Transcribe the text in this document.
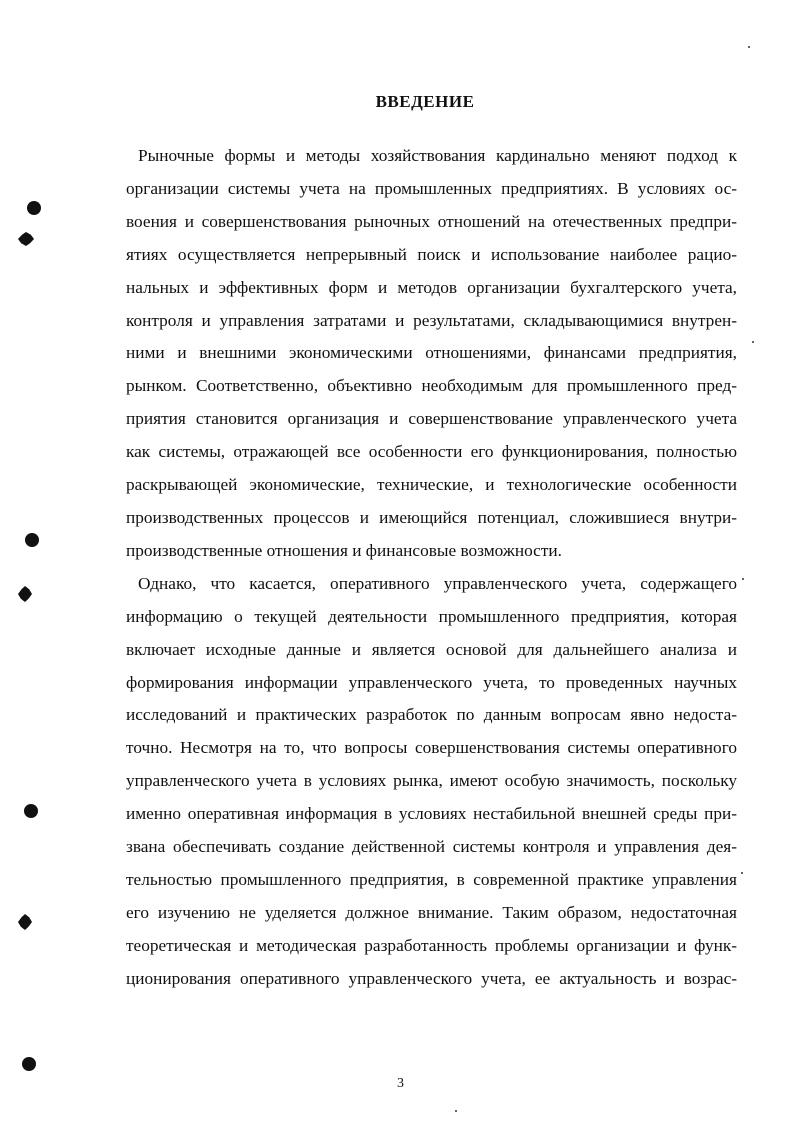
ВВЕДЕНИЕ

Рыночные формы и методы хозяйствования кардинально меняют подход к
организации системы учета на промышленных предприятиях. В условиях ос-
воения и совершенствования рыночных отношений на отечественных предпри-
ятиях осуществляется непрерывный поиск и использование наиболее рацио-
нальных и эффективных форм и методов организации бухгалтерского учета,
контроля и управления затратами и результатами, складывающимися внутрен-
ними и внешними экономическими отношениями, финансами предприятия,
рынком. Соответственно, объективно необходимым для промышленного пред-
приятия становится организация и совершенствование управленческого учета
как системы, отражающей все особенности его функционирования, полностью
раскрывающей экономические, технические, и технологические особенности
производственных процессов и имеющийся потенциал, сложившиеся внутри-
производственные отношения и финансовые возможности.

Однако, что касается, оперативного управленческого учета, содержащего
информацию о текущей деятельности промышленного предприятия, которая
включает исходные данные и является основой для дальнейшего анализа и
формирования информации управленческого учета, то проведенных научных
исследований и практических разработок по данным вопросам явно недоста-
точно. Несмотря на то, что вопросы совершенствования системы оперативного
управленческого учета в условиях рынка, имеют особую значимость, поскольку
именно оперативная информация в условиях нестабильной внешней среды при-
звана обеспечивать создание действенной системы контроля и управления дея-
тельностью промышленного предприятия, в современной практике управления
его изучению не уделяется должное внимание. Таким образом, недостаточная
теоретическая и методическая разработанность проблемы организации и функ-
ционирования оперативного управленческого учета, ее актуальность и возрас-

3
